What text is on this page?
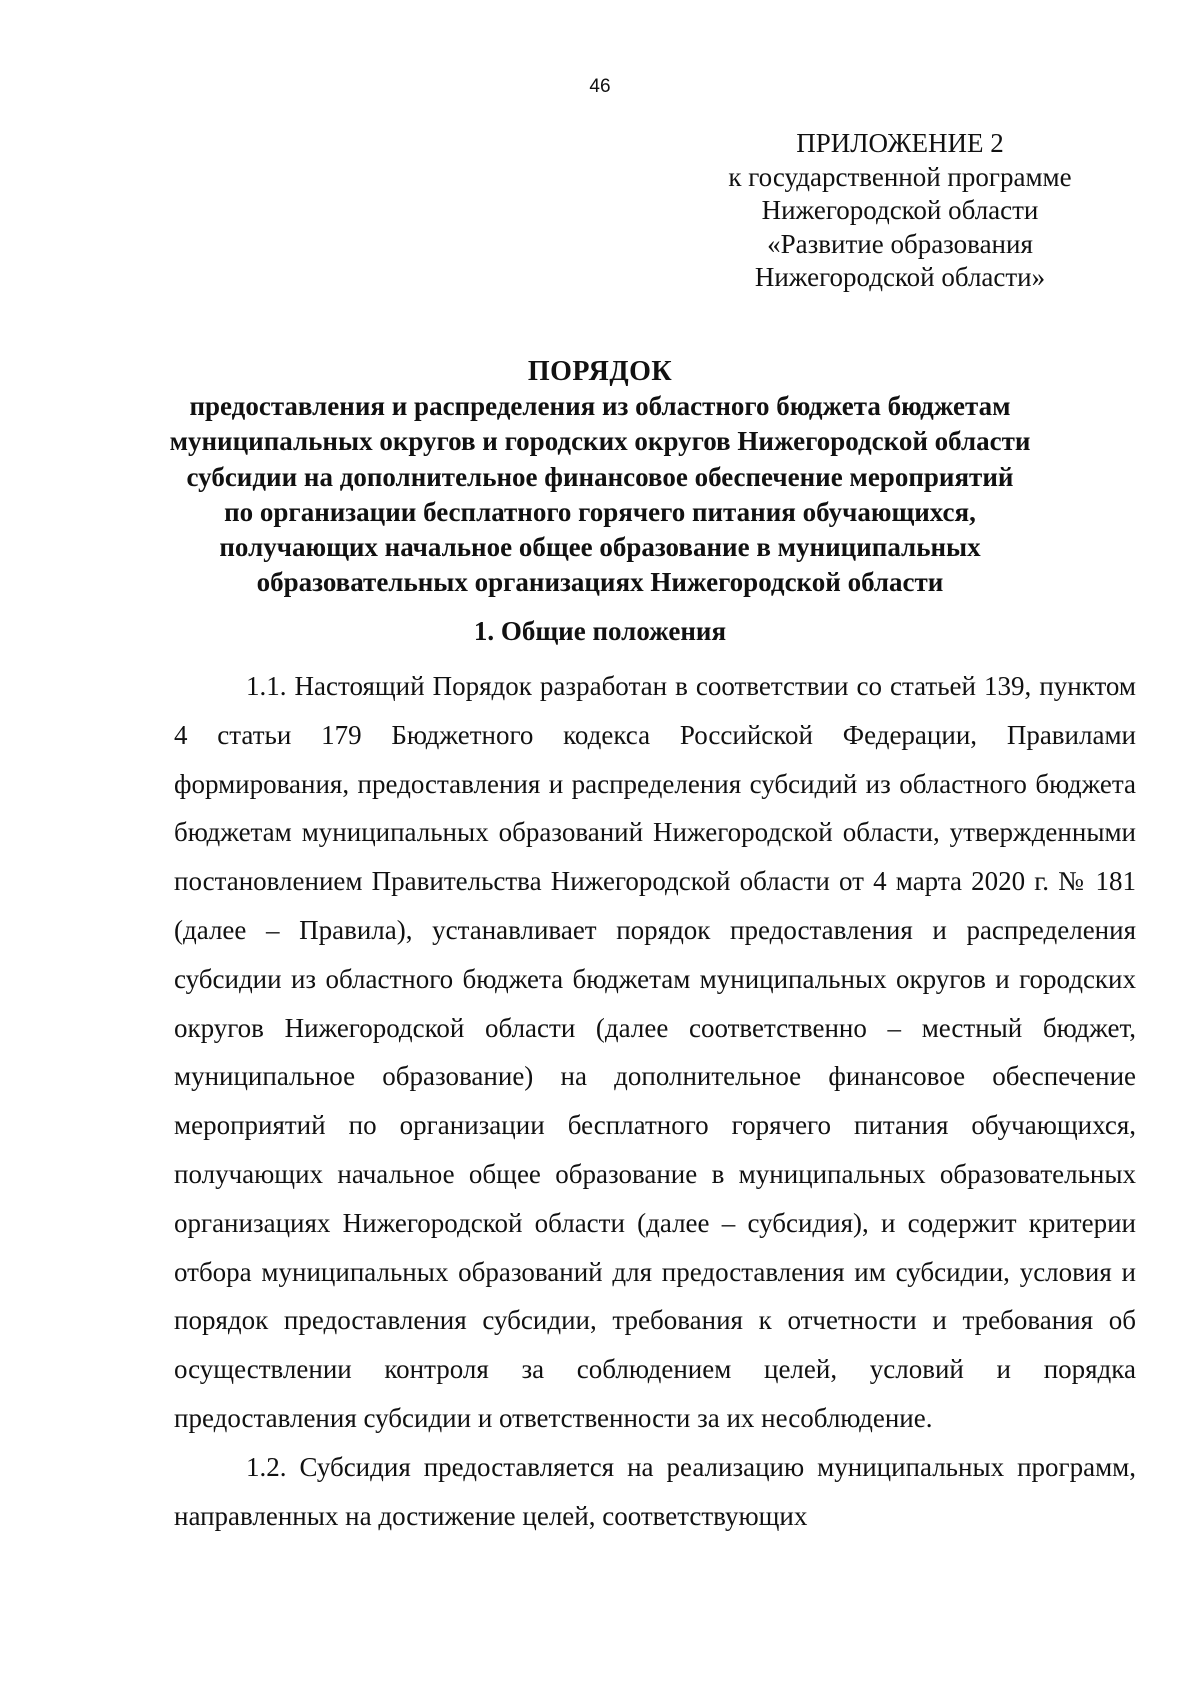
46
ПРИЛОЖЕНИЕ 2
к государственной программе
Нижегородской области
«Развитие образования
Нижегородской области»
ПОРЯДОК
предоставления и распределения из областного бюджета бюджетам
муниципальных округов и городских округов Нижегородской области
субсидии на дополнительное финансовое обеспечение мероприятий
по организации бесплатного горячего питания обучающихся,
получающих начальное общее образование в муниципальных
образовательных организациях Нижегородской области
1. Общие положения

1.1. Настоящий Порядок разработан в соответствии со статьей 139, пунктом 4 статьи 179 Бюджетного кодекса Российской Федерации, Правилами формирования, предоставления и распределения субсидий из областного бюджета бюджетам муниципальных образований Нижегородской области, утвержденными постановлением Правительства Нижегородской области от 4 марта 2020 г. № 181 (далее – Правила), устанавливает порядок предоставления и распределения субсидии из областного бюджета бюджетам муниципальных округов и городских округов Нижегородской области (далее соответственно – местный бюджет, муниципальное образование) на дополнительное финансовое обеспечение мероприятий по организации бесплатного горячего питания обучающихся, получающих начальное общее образование в муниципальных образовательных организациях Нижегородской области (далее – субсидия), и содержит критерии отбора муниципальных образований для предоставления им субсидии, условия и порядок предоставления субсидии, требования к отчетности и требования об осуществлении контроля за соблюдением целей, условий и порядка предоставления субсидии и ответственности за их несоблюдение.

1.2. Субсидия предоставляется на реализацию муниципальных программ, направленных на достижение целей, соответствующих
